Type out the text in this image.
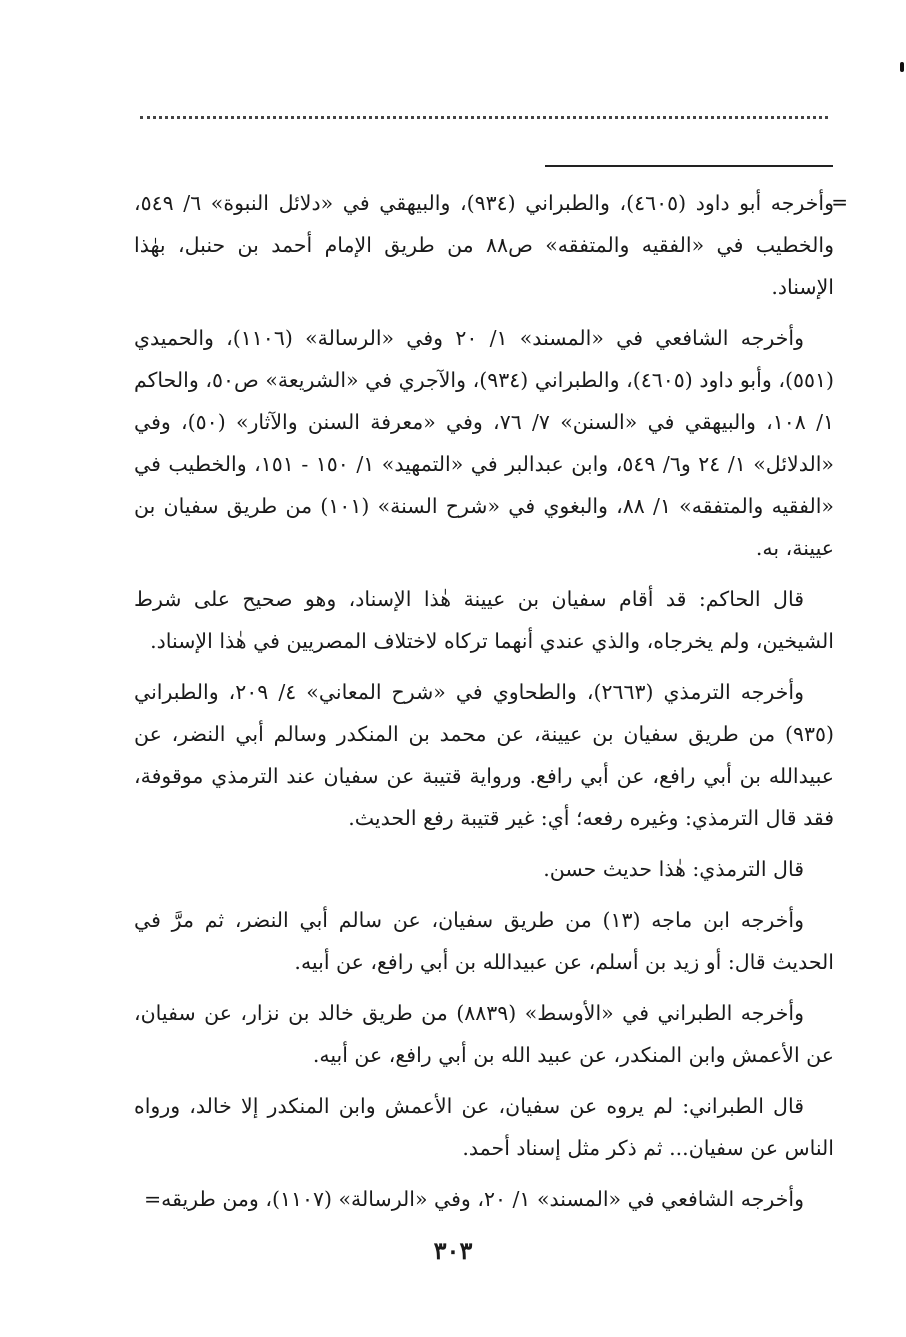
=

وأخرجه أبو داود (٤٦٠٥)، والطبراني (٩٣٤)، والبيهقي في «دلائل النبوة» ٦/ ٥٤٩، والخطيب في «الفقيه والمتفقه» ص٨٨ من طريق الإمام أحمد بن حنبل، بهٰذا الإسناد.

وأخرجه الشافعي في «المسند» ١/ ٢٠ وفي «الرسالة» (١١٠٦)، والحميدي (٥٥١)، وأبو داود (٤٦٠٥)، والطبراني (٩٣٤)، والآجري في «الشريعة» ص٥٠، والحاكم ١/ ١٠٨، والبيهقي في «السنن» ٧/ ٧٦، وفي «معرفة السنن والآثار» (٥٠)، وفي «الدلائل» ١/ ٢٤ و٦/ ٥٤٩، وابن عبدالبر في «التمهيد» ١/ ١٥٠ - ١٥١، والخطيب في «الفقيه والمتفقه» ١/ ٨٨، والبغوي في «شرح السنة» (١٠١) من طريق سفيان بن عيينة، به.

قال الحاكم: قد أقام سفيان بن عيينة هٰذا الإسناد، وهو صحيح على شرط الشيخين، ولم يخرجاه، والذي عندي أنهما تركاه لاختلاف المصريين في هٰذا الإسناد.

وأخرجه الترمذي (٢٦٦٣)، والطحاوي في «شرح المعاني» ٤/ ٢٠٩، والطبراني (٩٣٥) من طريق سفيان بن عيينة، عن محمد بن المنكدر وسالم أبي النضر، عن عبيدالله بن أبي رافع، عن أبي رافع. ورواية قتيبة عن سفيان عند الترمذي موقوفة، فقد قال الترمذي: وغيره رفعه؛ أي: غير قتيبة رفع الحديث.

قال الترمذي: هٰذا حديث حسن.

وأخرجه ابن ماجه (١٣) من طريق سفيان، عن سالم أبي النضر، ثم مرَّ في الحديث قال: أو زيد بن أسلم، عن عبيدالله بن أبي رافع، عن أبيه.

وأخرجه الطبراني في «الأوسط» (٨٨٣٩) من طريق خالد بن نزار، عن سفيان، عن الأعمش وابن المنكدر، عن عبيد الله بن أبي رافع، عن أبيه.

قال الطبراني: لم يروه عن سفيان، عن الأعمش وابن المنكدر إلا خالد، ورواه الناس عن سفيان... ثم ذكر مثل إسناد أحمد.

وأخرجه الشافعي في «المسند» ١/ ٢٠، وفي «الرسالة» (١١٠٧)، ومن طريقه=

٣٠٣
